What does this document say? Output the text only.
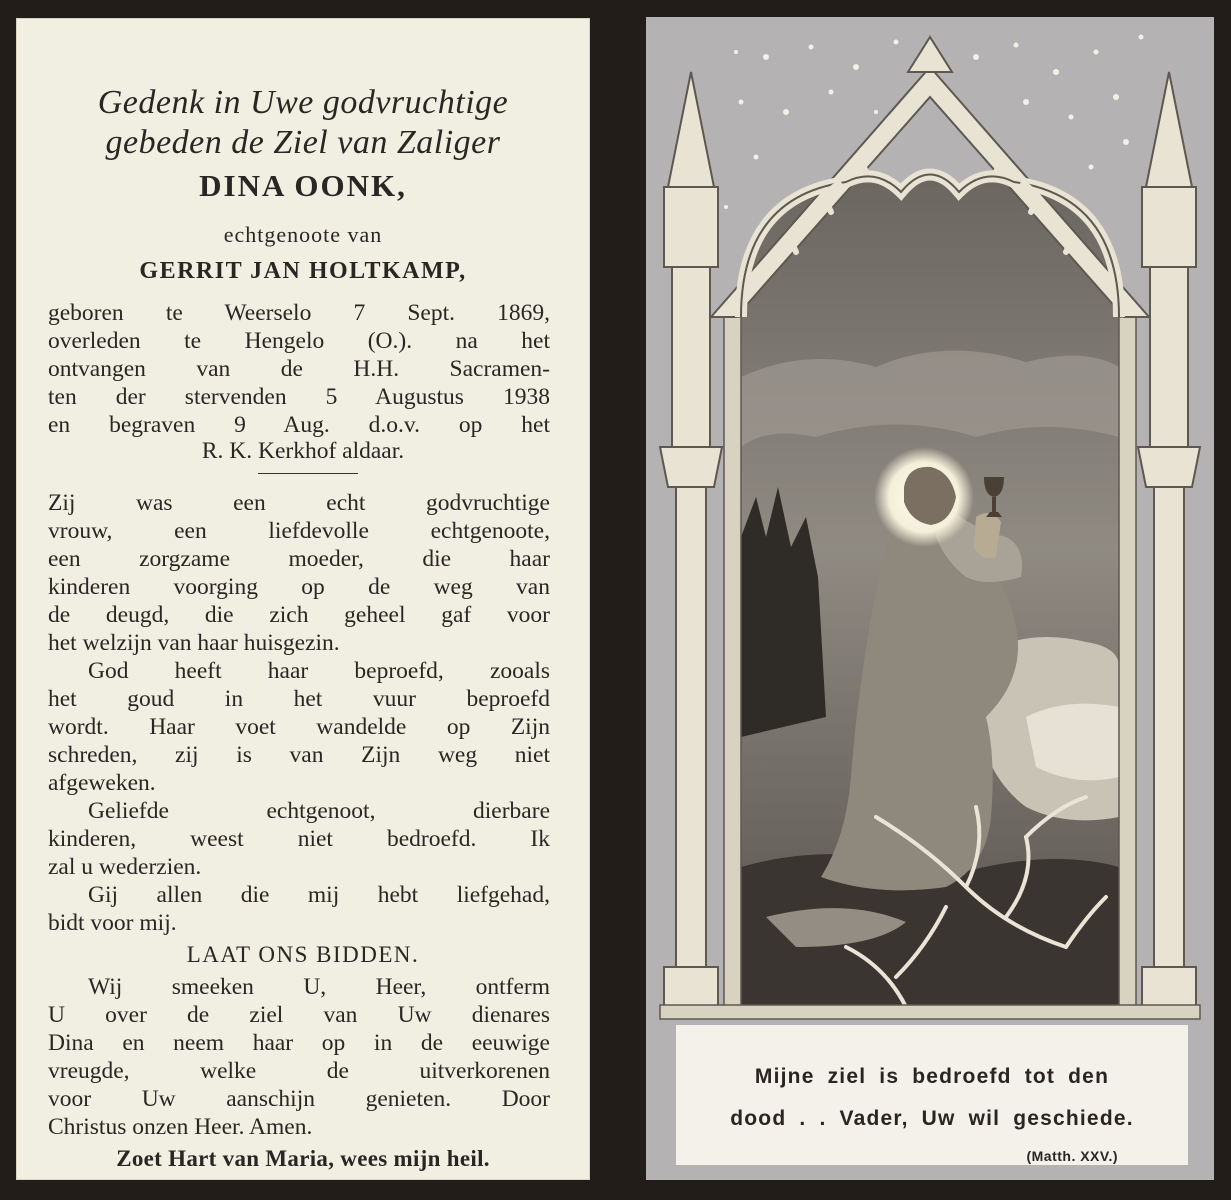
Gedenk in Uwe godvruchtige
gebeden de Ziel van Zaliger
DINA OONK,
echtgenoote van
GERRIT JAN HOLTKAMP,
geboren te Weerselo 7 Sept. 1869,
overleden te Hengelo (O.). na het
ontvangen van de H.H. Sacramen-
ten der stervenden 5 Augustus 1938
en begraven 9 Aug. d.o.v. op het
R. K. Kerkhof aldaar.
Zij was een echt godvruchtige
vrouw, een liefdevolle echtgenoote,
een zorgzame moeder, die haar
kinderen voorging op de weg van
de deugd, die zich geheel gaf voor
het welzijn van haar huisgezin.
God heeft haar beproefd, zooals
het goud in het vuur beproefd
wordt. Haar voet wandelde op Zijn
schreden, zij is van Zijn weg niet
afgeweken.
Geliefde echtgenoot, dierbare
kinderen, weest niet bedroefd. Ik
zal u wederzien.
Gij allen die mij hebt liefgehad,
bidt voor mij.
LAAT ONS BIDDEN.
Wij smeeken U, Heer, ontferm
U over de ziel van Uw dienares
Dina en neem haar op in de eeuwige
vreugde, welke de uitverkorenen
voor Uw aanschijn genieten. Door
Christus onzen Heer. Amen.
Zoet Hart van Maria, wees mijn heil.
Mijne ziel is bedroefd tot den
dood . . Vader, Uw wil geschiede.
(Matth. XXV.)
